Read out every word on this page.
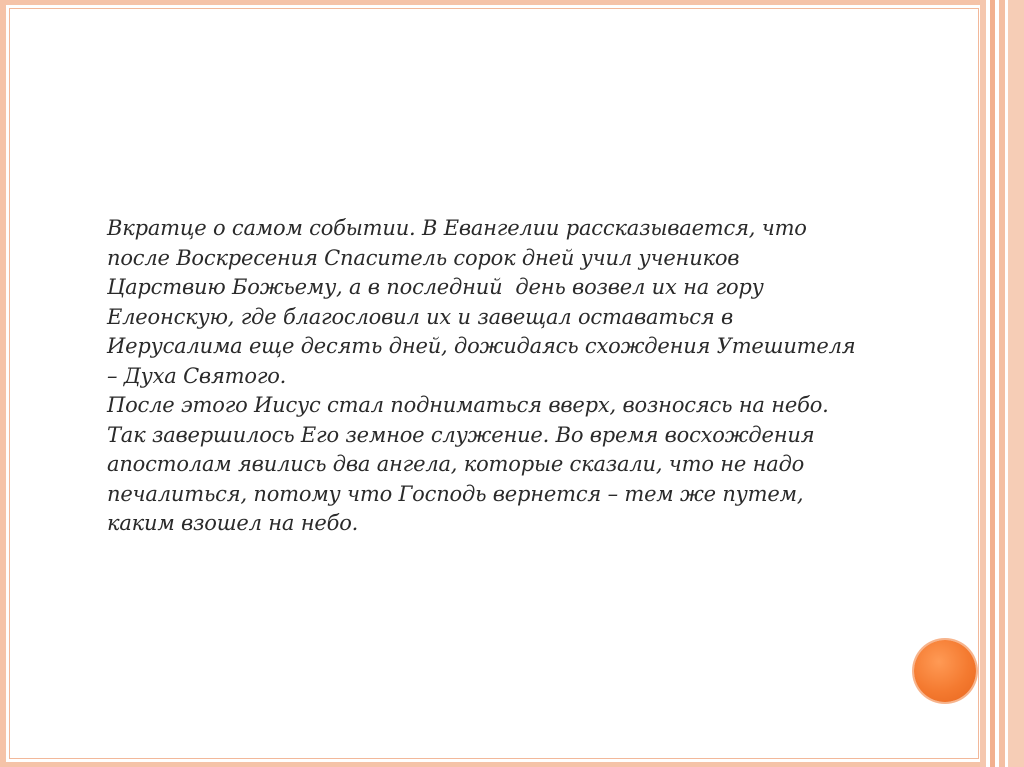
Вкратце о самом событии. В Евангелии рассказывается, что
после Воскресения Спаситель сорок дней учил учеников
Царствию Божьему, а в последний  день возвел их на гору
Елеонскую, где благословил их и завещал оставаться в
Иерусалима еще десять дней, дожидаясь схождения Утешителя
– Духа Святого.
После этого Иисус стал подниматься вверх, возносясь на небо.
Так завершилось Его земное служение. Во время восхождения
апостолам явились два ангела, которые сказали, что не надо
печалиться, потому что Господь вернется – тем же путем,
каким взошел на небо.
